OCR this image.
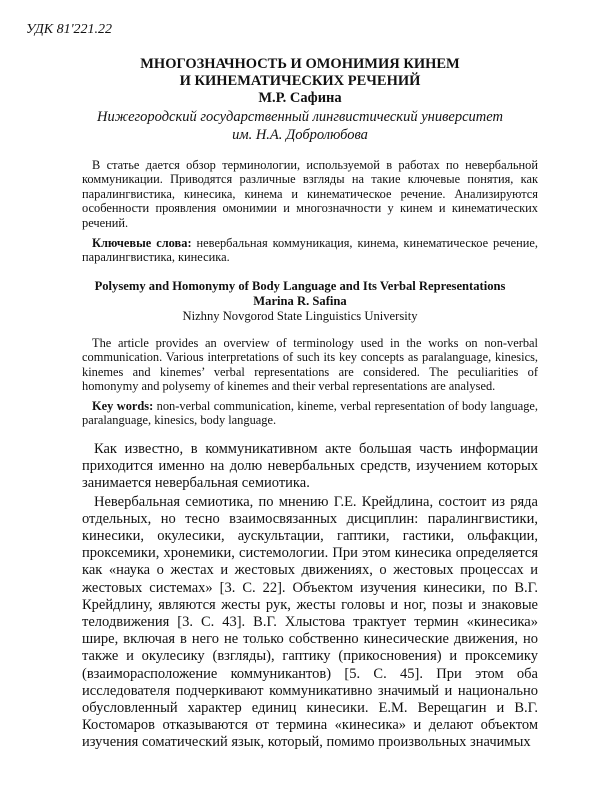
УДК 81'221.22
МНОГОЗНАЧНОСТЬ И ОМОНИМИЯ КИНЕМ
И КИНЕМАТИЧЕСКИХ РЕЧЕНИЙ
М.Р. Сафина
Нижегородский государственный лингвистический университет
им. Н.А. Добролюбова

В статье дается обзор терминологии, используемой в работах по невербальной коммуникации. Приводятся различные взгляды на такие ключевые понятия, как паралингвистика, кинесика, кинема и кинематическое речение. Анализируются особенности проявления омонимии и многозначности у кинем и кинематических речений.

Ключевые слова: невербальная коммуникация, кинема, кинематическое речение, паралингвистика, кинесика.

Polysemy and Homonymy of Body Language and Its Verbal Representations
Marina R. Safina
Nizhny Novgorod State Linguistics University

The article provides an overview of terminology used in the works on non-verbal communication. Various interpretations of such its key concepts as paralanguage, kinesics, kinemes and kinemes’ verbal representations are considered. The peculiarities of homonymy and polysemy of kinemes and their verbal representations are analysed.

Key words: non-verbal communication, kineme, verbal representation of body language, paralanguage, kinesics, body language.

Как известно, в коммуникативном акте большая часть информации приходится именно на долю невербальных средств, изучением которых занимается невербальная семиотика.

Невербальная семиотика, по мнению Г.Е. Крейдлина, состоит из ряда отдельных, но тесно взаимосвязанных дисциплин: паралингвистики, кинесики, окулесики, аускультации, гаптики, гастики, ольфакции, проксемики, хронемики, системологии. При этом кинесика определяется как «наука о жестах и жестовых движениях, о жестовых процессах и жестовых системах» [3. С. 22]. Объектом изучения кинесики, по В.Г. Крейдлину, являются жесты рук, жесты головы и ног, позы и знаковые телодвижения [3. С. 43]. В.Г. Хлыстова трактует термин «кинесика» шире, включая в него не только собственно кинесические движения, но также и окулесику (взгляды), гаптику (прикосновения) и проксемику (взаиморасположение коммуникантов) [5. С. 45]. При этом оба исследователя подчеркивают коммуникативно значимый и национально обусловленный характер единиц кинесики. Е.М. Верещагин и В.Г. Костомаров отказываются от термина «кинесика» и делают объектом изучения соматический язык, который, помимо произвольных значимых
